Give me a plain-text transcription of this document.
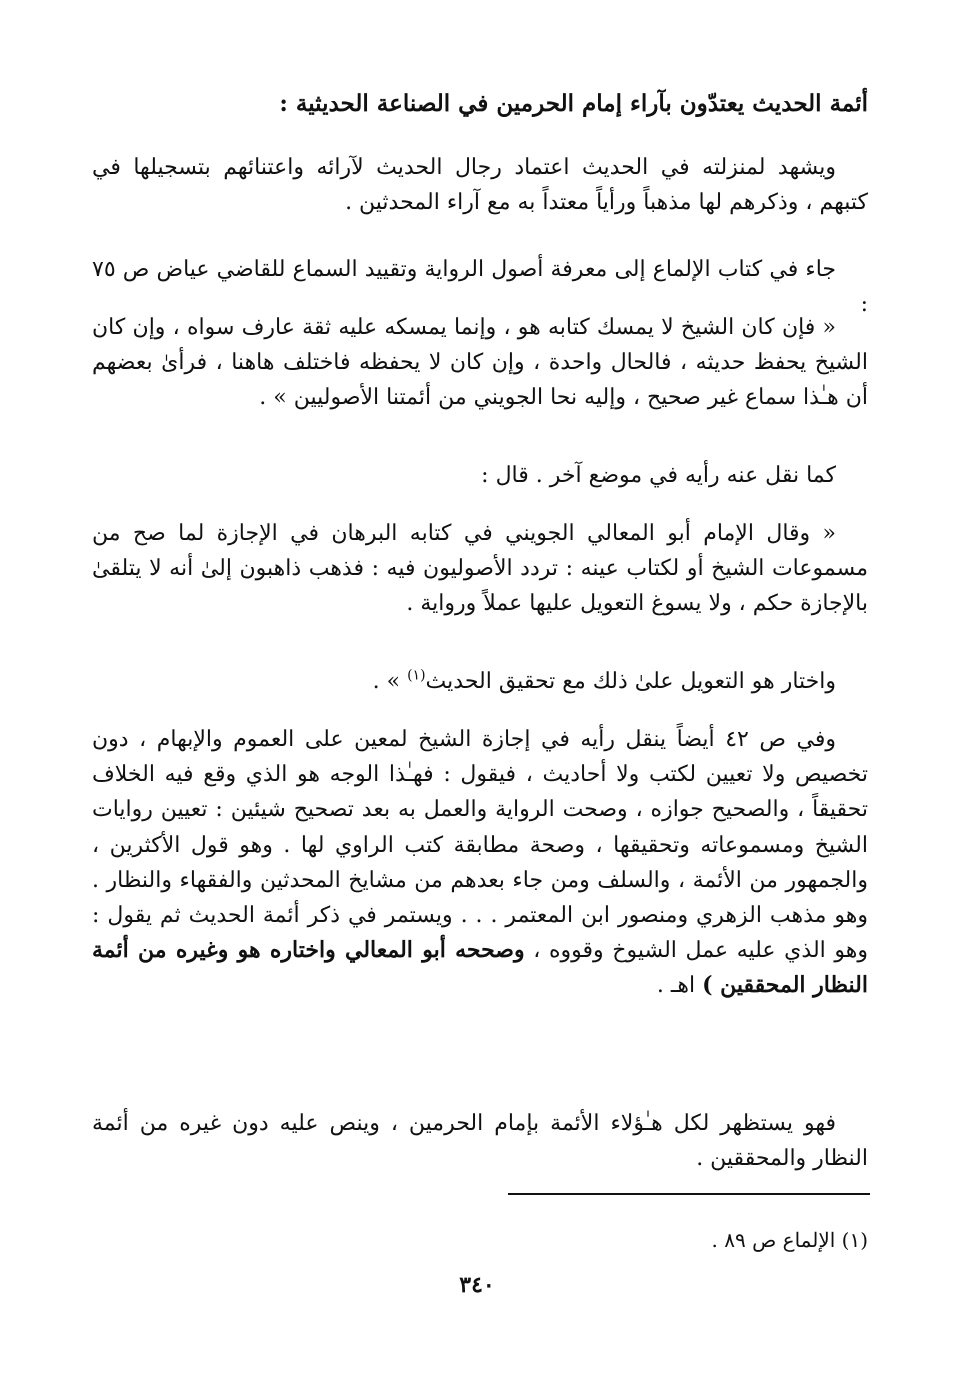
أئمة الحديث يعتدّون بآراء إمام الحرمين في الصناعة الحديثية :
ويشهد لمنزلته في الحديث اعتماد رجال الحديث لآرائه واعتنائهم بتسجيلها في كتبهم ، وذكرهم لها مذهباً ورأياً معتداً به مع آراء المحدثين .
جاء في كتاب الإلماع إلى معرفة أصول الرواية وتقييد السماع للقاضي عياض ص ٧٥ :
« فإن كان الشيخ لا يمسك كتابه هو ، وإنما يمسكه عليه ثقة عارف سواه ، وإن كان الشيخ يحفظ حديثه ، فالحال واحدة ، وإن كان لا يحفظه فاختلف هاهنا ، فرأىٰ بعضهم أن هـٰذا سماع غير صحيح ، وإليه نحا الجويني من أئمتنا الأصوليين » .
كما نقل عنه رأيه في موضع آخر . قال :
« وقال الإمام أبو المعالي الجويني في كتابه البرهان في الإجازة لما صح من مسموعات الشيخ أو لكتاب عينه : تردد الأصوليون فيه : فذهب ذاهبون إلىٰ أنه لا يتلقىٰ بالإجازة حكم ، ولا يسوغ التعويل عليها عملاً ورواية .
واختار هو التعويل علىٰ ذلك مع تحقيق الحديث$^{(١)}$ » .
وفي ص ٤٢ أيضاً ينقل رأيه في إجازة الشيخ لمعين على العموم والإبهام ، دون تخصيص ولا تعيين لكتب ولا أحاديث ، فيقول : فهـٰذا الوجه هو الذي وقع فيه الخلاف تحقيقاً ، والصحيح جوازه ، وصحت الرواية والعمل به بعد تصحيح شيئين : تعيين روايات الشيخ ومسموعاته وتحقيقها ، وصحة مطابقة كتب الراوي لها . وهو قول الأكثرين ، والجمهور من الأئمة ، والسلف ومن جاء بعدهم من مشايخ المحدثين والفقهاء والنظار . وهو مذهب الزهري ومنصور ابن المعتمر . . . ويستمر في ذكر أئمة الحديث ثم يقول : وهو الذي عليه عمل الشيوخ وقووه ، وصححه أبو المعالي واختاره هو وغيره من أئمة النظار المحققين ) اهـ .
فهو يستظهر لكل هـٰؤلاء الأئمة بإمام الحرمين ، وينص عليه دون غيره من أئمة النظار والمحققين .
(١) الإلماع ص ٨٩ .
٣٤٠
